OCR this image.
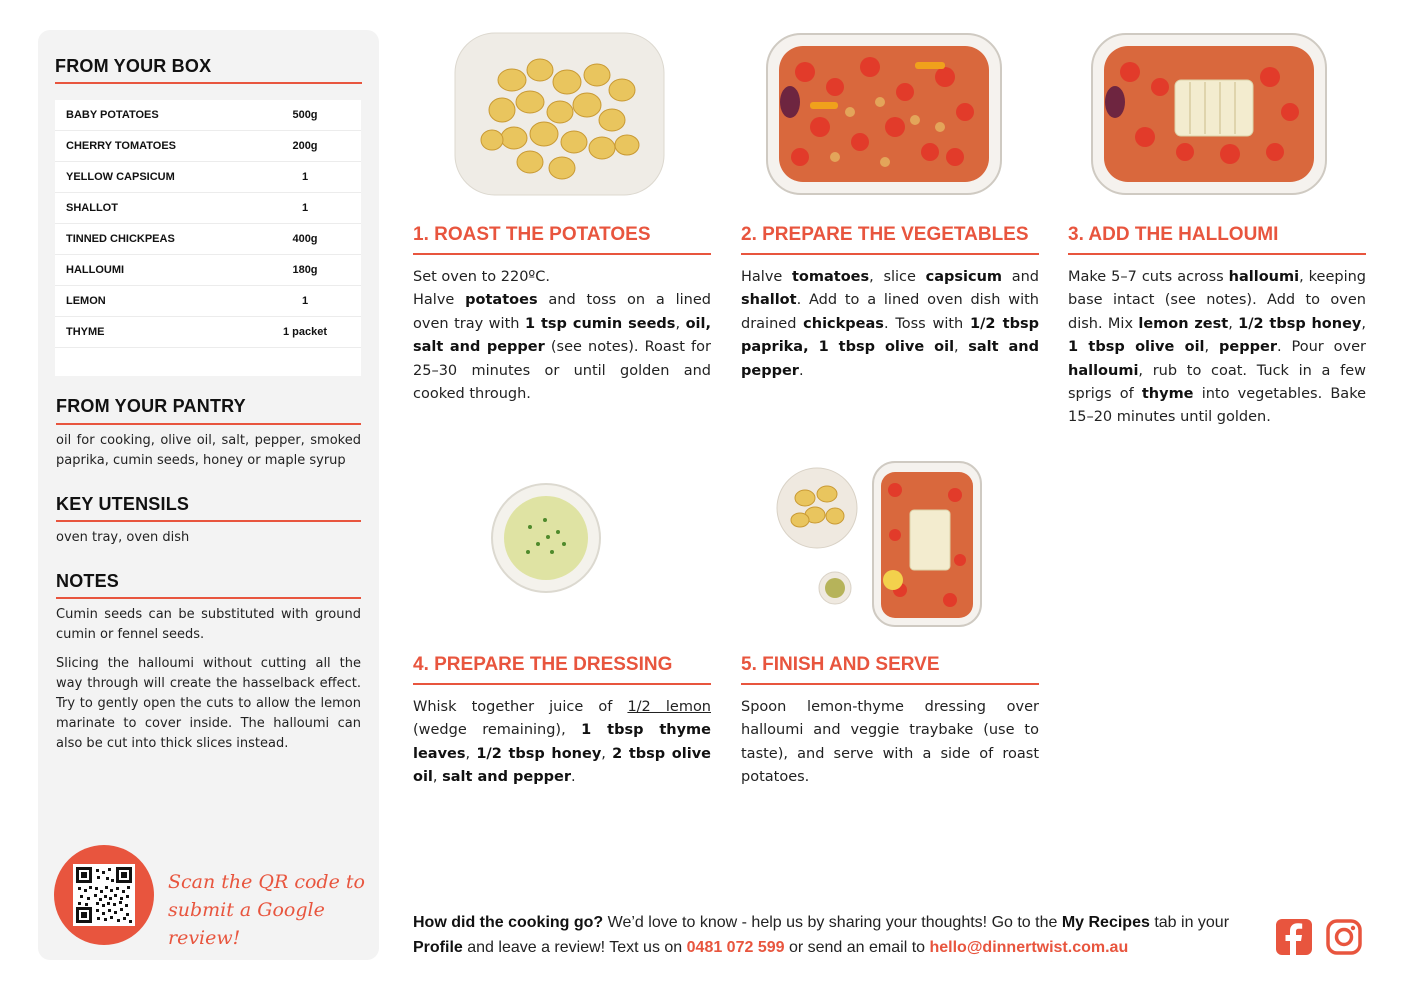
FROM YOUR BOX
BABY POTATOES	500g
CHERRY TOMATOES	200g
YELLOW CAPSICUM	1
SHALLOT	1
TINNED CHICKPEAS	400g
HALLOUMI	180g
LEMON	1
THYME	1 packet
FROM YOUR PANTRY
oil for cooking, olive oil, salt, pepper, smoked paprika, cumin seeds, honey or maple syrup
KEY UTENSILS
oven tray, oven dish
NOTES
Cumin seeds can be substituted with ground cumin or fennel seeds.
Slicing the halloumi without cutting all the way through will create the hasselback effect. Try to gently open the cuts to allow the lemon marinate to cover inside. The halloumi can also be cut into thick slices instead.
Scan the QR code to
submit a Google review!
1. ROAST THE POTATOES
Set oven to 220ºC.
Halve potatoes and toss on a lined oven tray with 1 tsp cumin seeds, oil, salt and pepper (see notes). Roast for 25–30 minutes or until golden and cooked through.
2. PREPARE THE VEGETABLES
Halve tomatoes, slice capsicum and shallot. Add to a lined oven dish with drained chickpeas. Toss with 1/2 tbsp paprika, 1 tbsp olive oil, salt and pepper.
3. ADD THE HALLOUMI
Make 5–7 cuts across halloumi, keeping base intact (see notes). Add to oven dish. Mix lemon zest, 1/2 tbsp honey, 1 tbsp olive oil, pepper. Pour over halloumi, rub to coat. Tuck in a few sprigs of thyme into vegetables. Bake 15–20 minutes until golden.
4. PREPARE THE DRESSING
Whisk together juice of 1/2 lemon (wedge remaining), 1 tbsp thyme leaves, 1/2 tbsp honey, 2 tbsp olive oil, salt and pepper.
5. FINISH AND SERVE
Spoon lemon-thyme dressing over halloumi and veggie traybake (use to taste), and serve with a side of roast potatoes.
How did the cooking go? We’d love to know - help us by sharing your thoughts! Go to the My Recipes tab in your Profile and leave a review! Text us on 0481 072 599 or send an email to hello@dinnertwist.com.au
